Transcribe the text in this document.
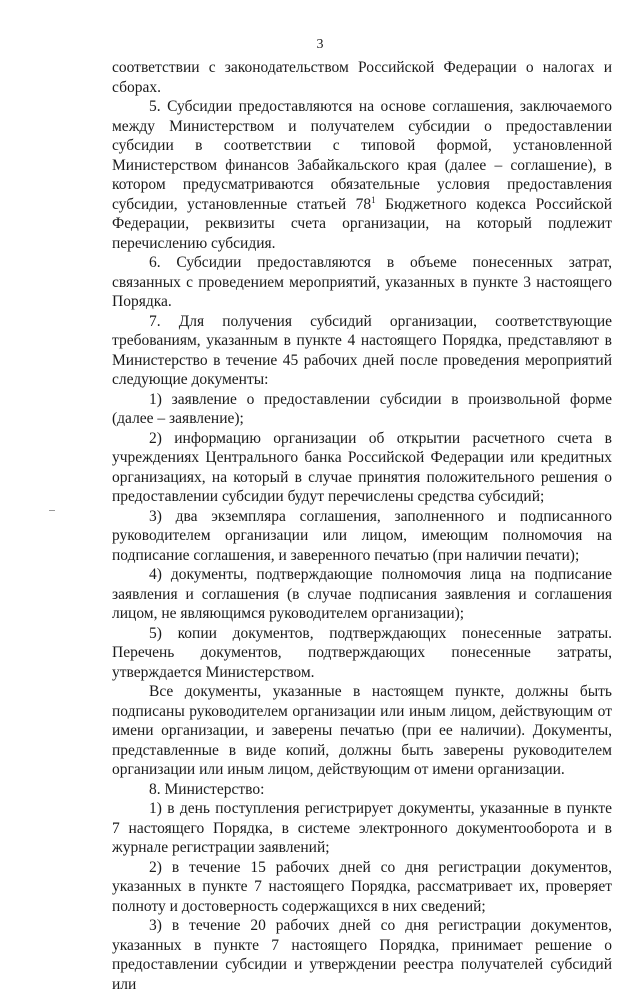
3

соответствии с законодательством Российской Федерации о налогах и сборах.

5. Субсидии предоставляются на основе соглашения, заключаемого между Министерством и получателем субсидии о предоставлении субсидии в соответствии с типовой формой, установленной Министерством финансов Забайкальского края (далее – соглашение), в котором предусматриваются обязательные условия предоставления субсидии, установленные статьей $78^1$ Бюджетного кодекса Российской Федерации, реквизиты счета организации, на который подлежит перечислению субсидия.

6. Субсидии предоставляются в объеме понесенных затрат, связанных с проведением мероприятий, указанных в пункте 3 настоящего Порядка.

7. Для получения субсидий организации, соответствующие требованиям, указанным в пункте 4 настоящего Порядка, представляют в Министерство в течение 45 рабочих дней после проведения мероприятий следующие документы:

1) заявление о предоставлении субсидии в произвольной форме (далее – заявление);

2) информацию организации об открытии расчетного счета в учреждениях Центрального банка Российской Федерации или кредитных организациях, на который в случае принятия положительного решения о предоставлении субсидии будут перечислены средства субсидий;

3) два экземпляра соглашения, заполненного и подписанного руководителем организации или лицом, имеющим полномочия на подписание соглашения, и заверенного печатью (при наличии печати);

4) документы, подтверждающие полномочия лица на подписание заявления и соглашения (в случае подписания заявления и соглашения лицом, не являющимся руководителем организации);

5) копии документов, подтверждающих понесенные затраты. Перечень документов, подтверждающих понесенные затраты, утверждается Министерством.

Все документы, указанные в настоящем пункте, должны быть подписаны руководителем организации или иным лицом, действующим от имени организации, и заверены печатью (при ее наличии). Документы, представленные в виде копий, должны быть заверены руководителем организации или иным лицом, действующим от имени организации.

8. Министерство:

1) в день поступления регистрирует документы, указанные в пункте 7 настоящего Порядка, в системе электронного документооборота и в журнале регистрации заявлений;

2) в течение 15 рабочих дней со дня регистрации документов, указанных в пункте 7 настоящего Порядка, рассматривает их, проверяет полноту и достоверность содержащихся в них сведений;

3) в течение 20 рабочих дней со дня регистрации документов, указанных в пункте 7 настоящего Порядка, принимает решение о предоставлении субсидии и утверждении реестра получателей субсидий или
